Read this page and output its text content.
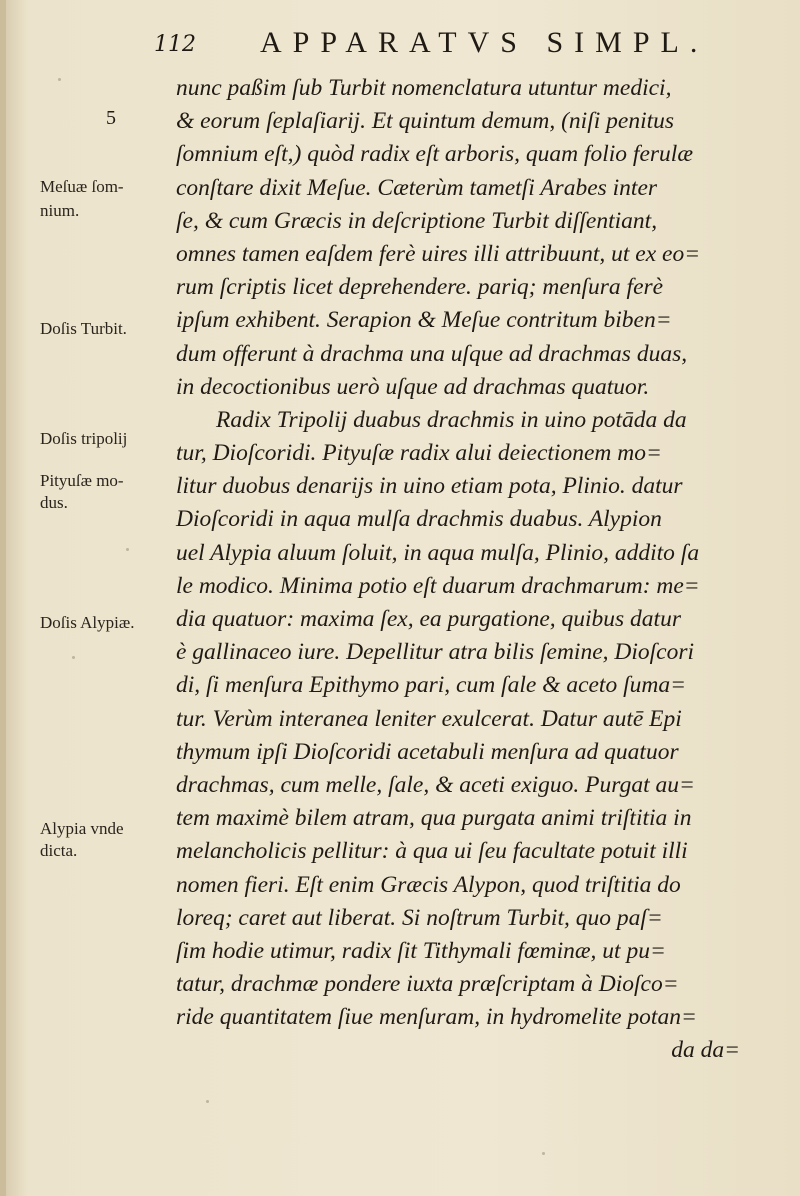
112 APPARATVS SIMPL.
5
nunc paßim ſub Turbit nomenclatura utuntur medici,
& eorum ſeplaſiarij. Et quintum demum, (niſi penitus
ſomnium eſt,) quòd radix eſt arboris, quam folio ferulæ
conſtare dixit Meſue. Cæterùm tametſi Arabes inter
ſe, & cum Græcis in deſcriptione Turbit diſſentiant,
omnes tamen eaſdem ferè uires illi attribuunt, ut ex eo=
rum ſcriptis licet deprehendere. pariq; menſura ferè
ipſum exhibent. Serapion & Meſue contritum biben=
dum offerunt à drachma una uſque ad drachmas duas,
in decoctionibus uerò uſque ad drachmas quatuor.
Radix Tripolij duabus drachmis in uino potāda da
tur, Dioſcoridi. Pityuſæ radix alui deiectionem mo=
litur duobus denarijs in uino etiam pota, Plinio. datur
Dioſcoridi in aqua mulſa drachmis duabus. Alypion
uel Alypia aluum ſoluit, in aqua mulſa, Plinio, addito ſa
le modico. Minima potio eſt duarum drachmarum: me=
dia quatuor: maxima ſex, ea purgatione, quibus datur
è gallinaceo iure. Depellitur atra bilis ſemine, Dioſcori
di, ſi menſura Epithymo pari, cum ſale & aceto ſuma=
tur. Verùm interanea leniter exulcerat. Datur autē Epi
thymum ipſi Dioſcoridi acetabuli menſura ad quatuor
drachmas, cum melle, ſale, & aceti exiguo. Purgat au=
tem maximè bilem atram, qua purgata animi triſtitia in
melancholicis pellitur: à qua ui ſeu facultate potuit illi
nomen fieri. Eſt enim Græcis Alypon, quod triſtitia do
loreq; caret aut liberat. Si noſtrum Turbit, quo paſ=
ſim hodie utimur, radix ſit Tithymali fœminæ, ut pu=
tatur, drachmæ pondere iuxta præſcriptam à Dioſco=
ride quantitatem ſiue menſuram, in hydromelite potan=
da da=
Meſuæ ſom-
nium.
Doſis Turbit.
Doſis tripolij
Pityuſæ mo-
dus.
Doſis Alypiæ.
Alypia vnde
dicta.
